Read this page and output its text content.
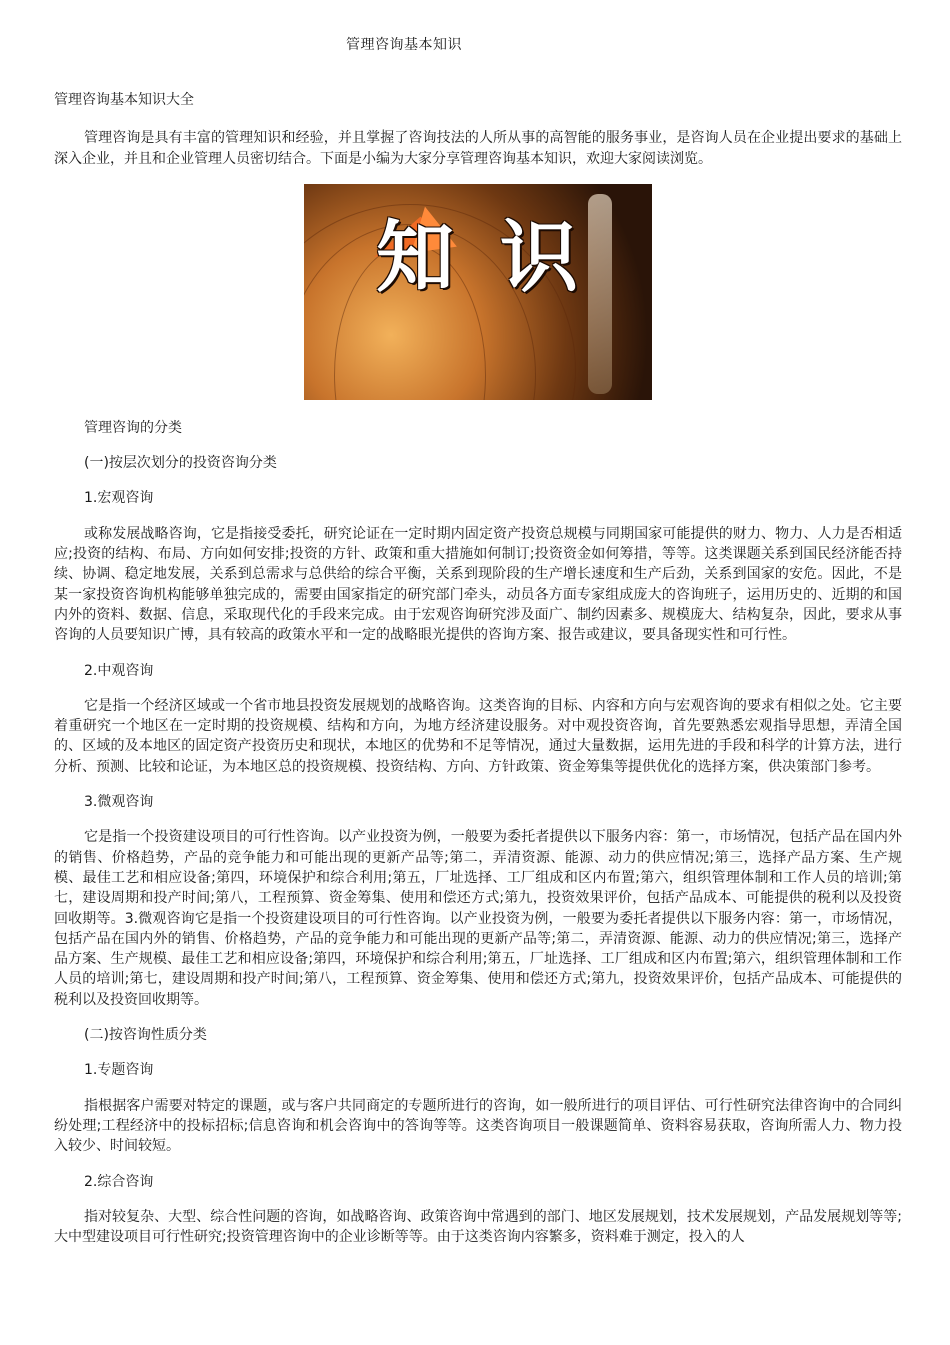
管理咨询基本知识

管理咨询基本知识大全

管理咨询是具有丰富的管理知识和经验，并且掌握了咨询技法的人所从事的高智能的服务事业，是咨询人员在企业提出要求的基础上深入企业，并且和企业管理人员密切结合。下面是小编为大家分享管理咨询基本知识，欢迎大家阅读浏览。

知识

管理咨询的分类

(一)按层次划分的投资咨询分类

1.宏观咨询

或称发展战略咨询，它是指接受委托，研究论证在一定时期内固定资产投资总规模与同期国家可能提供的财力、物力、人力是否相适应;投资的结构、布局、方向如何安排;投资的方针、政策和重大措施如何制订;投资资金如何筹措，等等。这类课题关系到国民经济能否持续、协调、稳定地发展，关系到总需求与总供给的综合平衡，关系到现阶段的生产增长速度和生产后劲，关系到国家的安危。因此，不是某一家投资咨询机构能够单独完成的，需要由国家指定的研究部门牵头，动员各方面专家组成庞大的咨询班子，运用历史的、近期的和国内外的资料、数据、信息，采取现代化的手段来完成。由于宏观咨询研究涉及面广、制约因素多、规模庞大、结构复杂，因此，要求从事咨询的人员要知识广博，具有较高的政策水平和一定的战略眼光提供的咨询方案、报告或建议，要具备现实性和可行性。

2.中观咨询

它是指一个经济区域或一个省市地县投资发展规划的战略咨询。这类咨询的目标、内容和方向与宏观咨询的要求有相似之处。它主要着重研究一个地区在一定时期的投资规模、结构和方向，为地方经济建设服务。对中观投资咨询，首先要熟悉宏观指导思想，弄清全国的、区域的及本地区的固定资产投资历史和现状，本地区的优势和不足等情况，通过大量数据，运用先进的手段和科学的计算方法，进行分析、预测、比较和论证，为本地区总的投资规模、投资结构、方向、方针政策、资金筹集等提供优化的选择方案，供决策部门参考。

3.微观咨询

它是指一个投资建设项目的可行性咨询。以产业投资为例，一般要为委托者提供以下服务内容：第一，市场情况，包括产品在国内外的销售、价格趋势，产品的竞争能力和可能出现的更新产品等;第二，弄清资源、能源、动力的供应情况;第三，选择产品方案、生产规模、最佳工艺和相应设备;第四，环境保护和综合利用;第五，厂址选择、工厂组成和区内布置;第六，组织管理体制和工作人员的培训;第七，建设周期和投产时间;第八，工程预算、资金筹集、使用和偿还方式;第九，投资效果评价，包括产品成本、可能提供的税利以及投资回收期等。3.微观咨询它是指一个投资建设项目的可行性咨询。以产业投资为例，一般要为委托者提供以下服务内容：第一，市场情况，包括产品在国内外的销售、价格趋势，产品的竞争能力和可能出现的更新产品等;第二，弄清资源、能源、动力的供应情况;第三，选择产品方案、生产规模、最佳工艺和相应设备;第四，环境保护和综合利用;第五，厂址选择、工厂组成和区内布置;第六，组织管理体制和工作人员的培训;第七，建设周期和投产时间;第八，工程预算、资金筹集、使用和偿还方式;第九，投资效果评价，包括产品成本、可能提供的税利以及投资回收期等。

(二)按咨询性质分类

1.专题咨询

指根据客户需要对特定的课题，或与客户共同商定的专题所进行的咨询，如一般所进行的项目评估、可行性研究法律咨询中的合同纠纷处理;工程经济中的投标招标;信息咨询和机会咨询中的答询等等。这类咨询项目一般课题简单、资料容易获取，咨询所需人力、物力投入较少、时间较短。

2.综合咨询

指对较复杂、大型、综合性问题的咨询，如战略咨询、政策咨询中常遇到的部门、地区发展规划，技术发展规划，产品发展规划等等;大中型建设项目可行性研究;投资管理咨询中的企业诊断等等。由于这类咨询内容繁多，资料难于测定，投入的人
